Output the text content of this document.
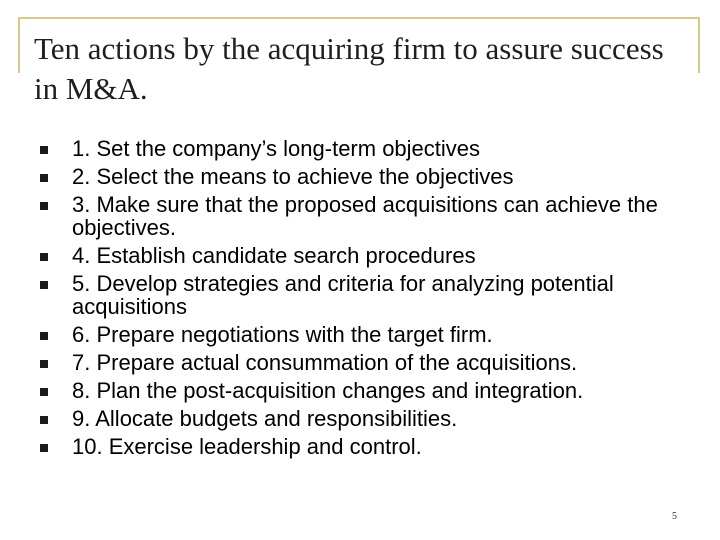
Ten actions by the acquiring firm to assure success in M&A.
1. Set the company’s long-term objectives
2. Select the means to achieve the objectives
3. Make sure that the proposed acquisitions can achieve the objectives.
4. Establish candidate search procedures
5. Develop strategies and criteria for analyzing potential acquisitions
6. Prepare negotiations with the target firm.
7. Prepare actual consummation of the acquisitions.
8. Plan the post-acquisition changes and integration.
9. Allocate budgets and responsibilities.
10. Exercise leadership and control.
5
